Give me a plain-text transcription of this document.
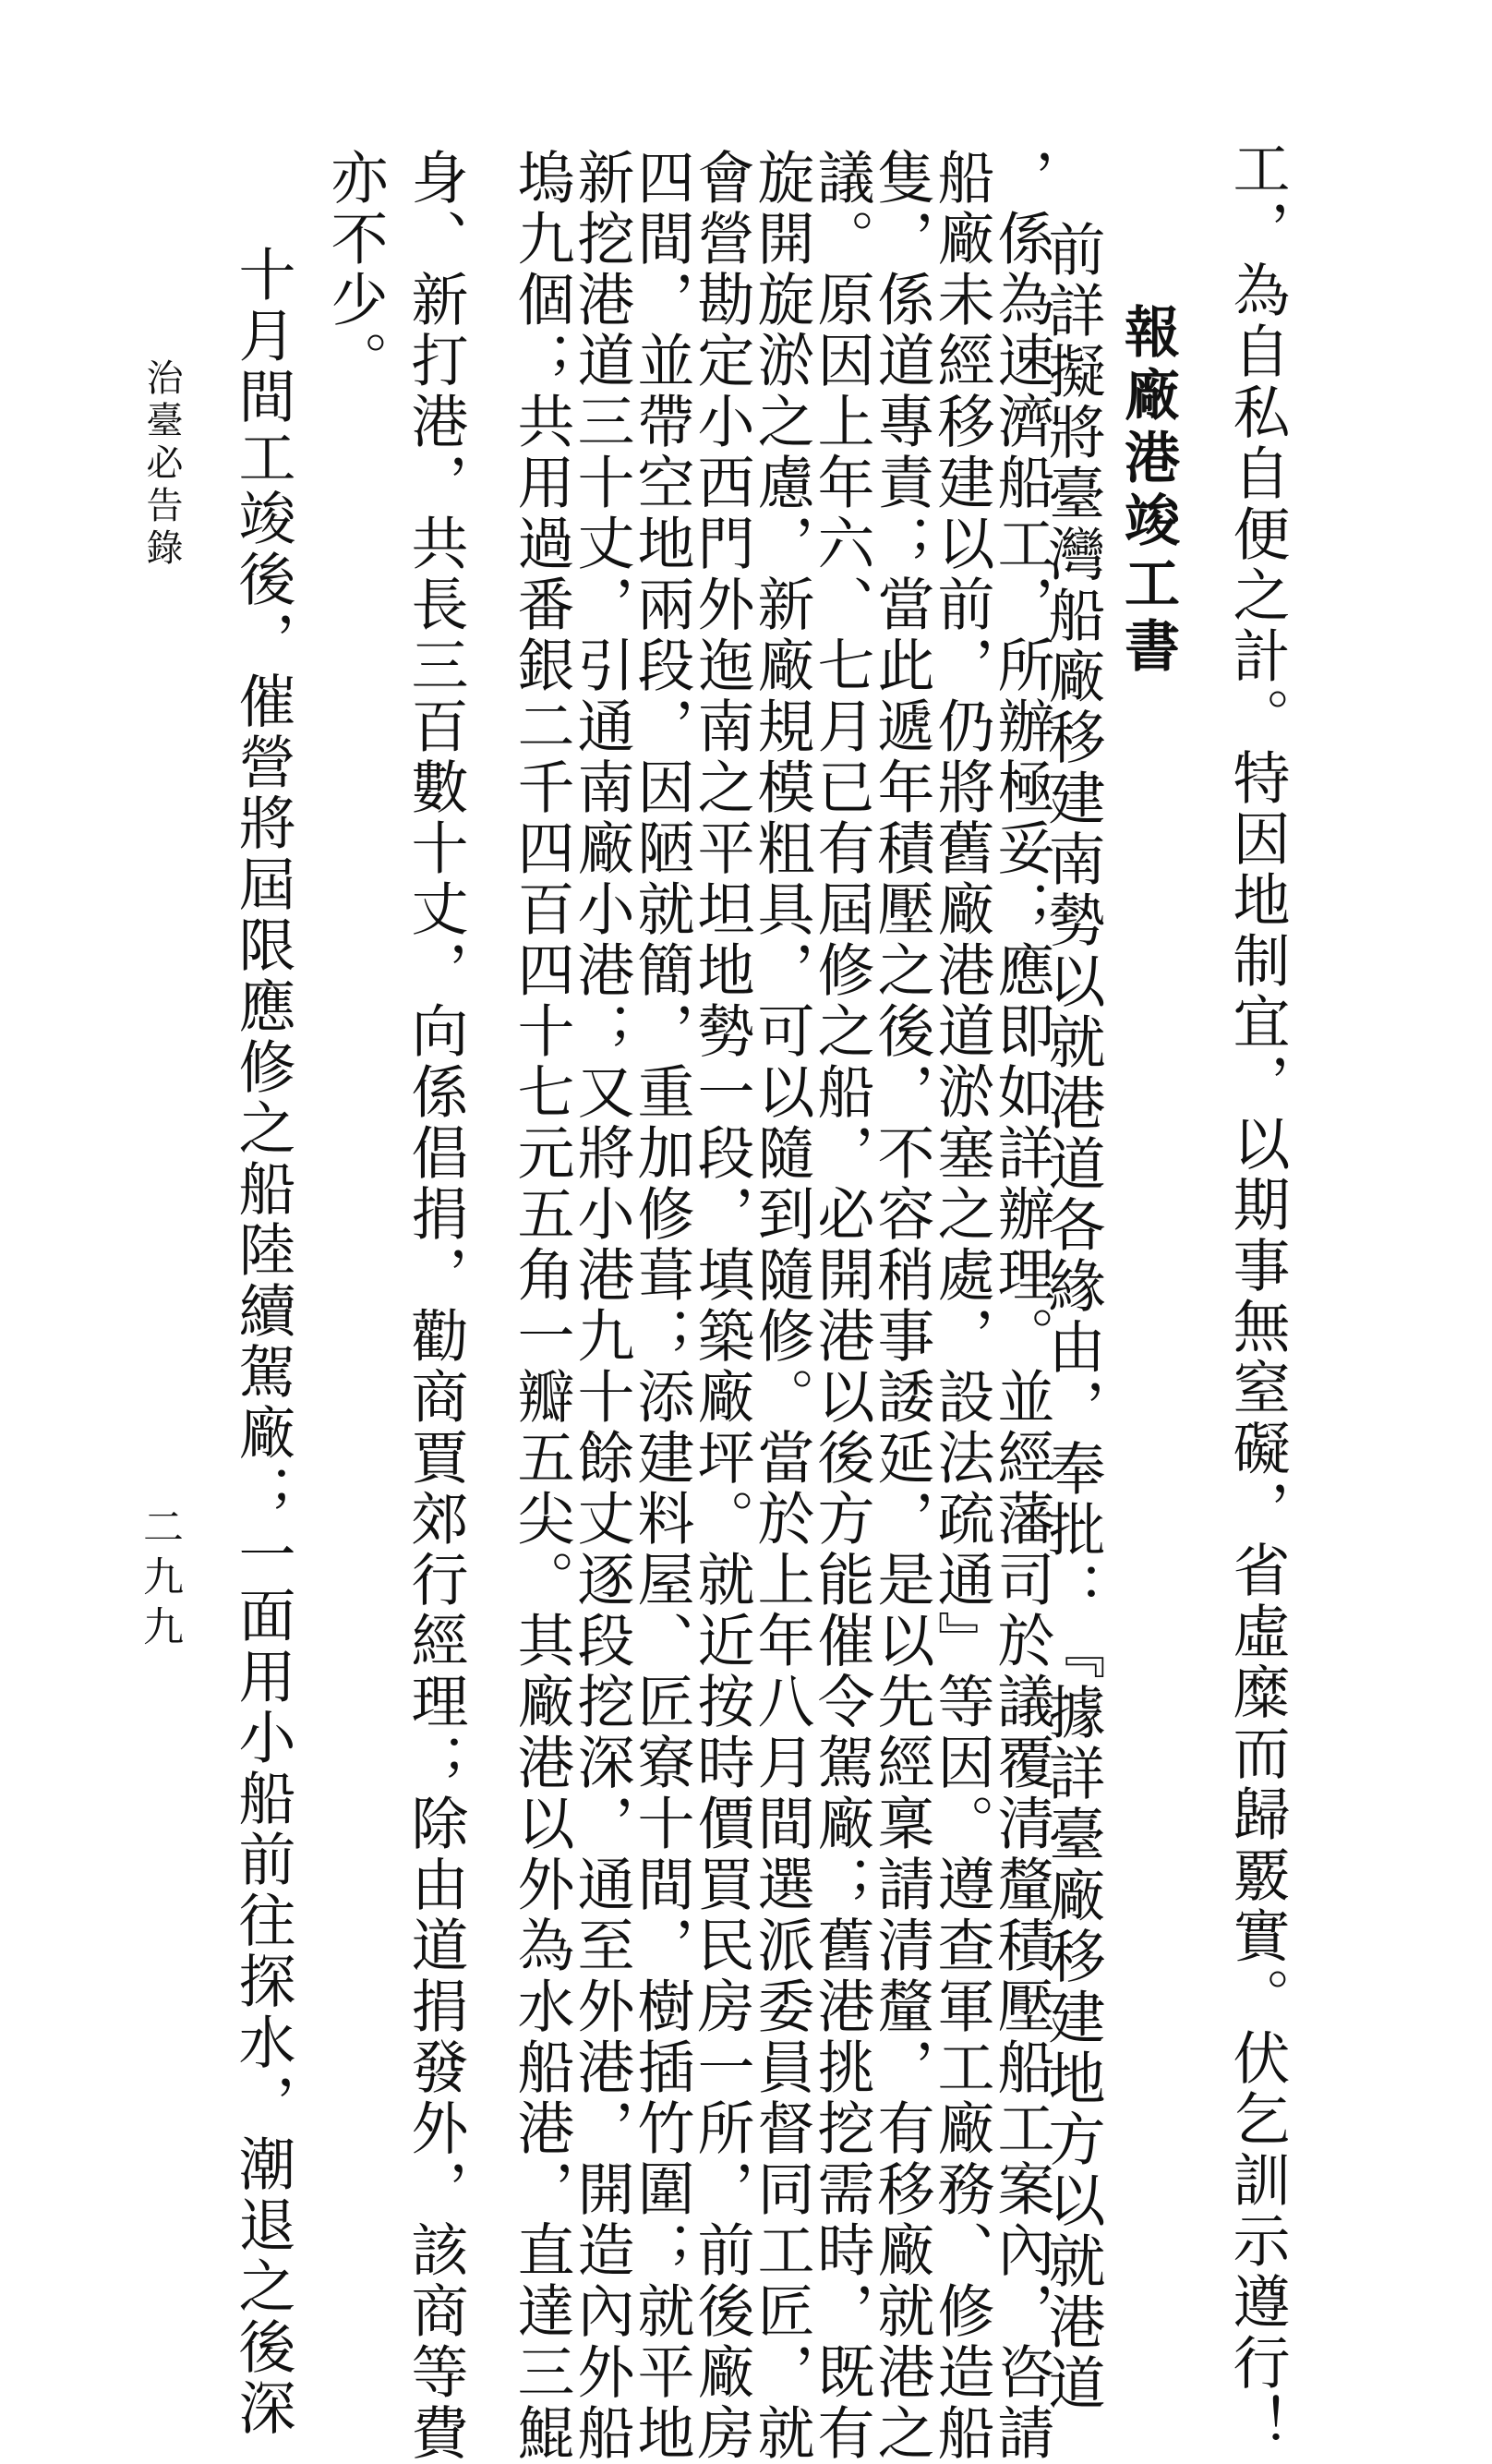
工，為自私自便之計。特因地制宜，以期事無窒礙，省虛糜而歸覈實。伏乞訓示遵行！
報廠港竣工書
前詳擬將臺灣船廠移建南勢以就港道各緣由，奉批：『據詳臺廠移建地方以就港道
，係為速濟船工，所辦極妥；應即如詳辦理。並經藩司於議覆清釐積壓船工案內，咨請
船廠未經移建以前，仍將舊廠港道淤塞之處，設法疏通』等因。遵查軍工廠務、修造船
隻，係道專責；當此遞年積壓之後，不容稍事諉延，是以先經稟請清釐，有移廠就港之
議。原因上年六、七月已有屆修之船，必開港以後方能催令駕廠；舊港挑挖需時，既有
旋開旋淤之慮，新廠規模粗具，可以隨到隨修。當於上年八月間選派委員督同工匠，就
會營勘定小西門外迤南之平坦地勢一段，填築廠坪。就近按時價買民房一所，前後廠房
四間，並帶空地兩段，因陋就簡，重加修葺；添建料屋、匠寮十間，樹插竹圍；就平地
新挖港道三十丈，引通南廠小港；又將小港九十餘丈逐段挖深，通至外港，開造內外船
塢九個；共用過番銀二千四百四十七元五角一瓣五尖。其廠港以外為水船港，直達三鯤
身、新打港，共長三百數十丈，向係倡捐，勸商賈郊行經理；除由道捐發外，該商等費
亦不少。
十月間工竣後，催營將屆限應修之船陸續駕廠；一面用小船前往探水，潮退之後深
治臺必告錄
二九九
